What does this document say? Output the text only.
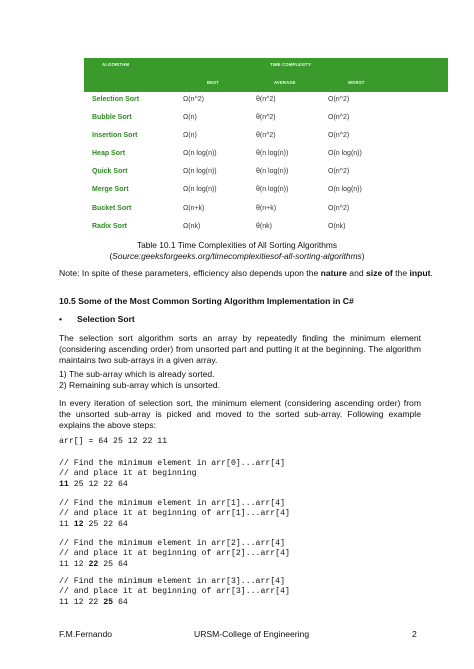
ALGORITHM	TIME COMPLEXITY
BEST	AVERAGE	WORST
Selection Sort	Ω(n^2)	θ(n^2)	O(n^2)
Bubble Sort	Ω(n)	θ(n^2)	O(n^2)
Insertion Sort	Ω(n)	θ(n^2)	O(n^2)
Heap Sort	Ω(n log(n))	θ(n log(n))	O(n log(n))
Quick Sort	Ω(n log(n))	θ(n log(n))	O(n^2)
Merge Sort	Ω(n log(n))	θ(n log(n))	O(n log(n))
Bucket Sort	Ω(n+k)	θ(n+k)	O(n^2)
Radix Sort	Ω(nk)	θ(nk)	O(nk)
Table 10.1 Time Complexities of All Sorting Algorithms
(Source:geeksforgeeks.org/timecomplexitiesof-all-sorting-algorithms)
Note: In spite of these parameters, efficiency also depends upon the nature and size of the input.
10.5 Some of the Most Common Sorting Algorithm Implementation in C#
• Selection Sort
The selection sort algorithm sorts an array by repeatedly finding the minimum element (considering ascending order) from unsorted part and putting it at the beginning. The algorithm maintains two sub-arrays in a given array.
1) The sub-array which is already sorted.
2) Remaining sub-array which is unsorted.
In every iteration of selection sort, the minimum element (considering ascending order) from the unsorted sub-array is picked and moved to the sorted sub-array. Following example explains the above steps:
arr[] = 64 25 12 22 11
// Find the minimum element in arr[0]...arr[4]
// and place it at beginning
11 25 12 22 64
// Find the minimum element in arr[1]...arr[4]
// and place it at beginning of arr[1]...arr[4]
11 12 25 22 64
// Find the minimum element in arr[2]...arr[4]
// and place it at beginning of arr[2]...arr[4]
11 12 22 25 64
// Find the minimum element in arr[3]...arr[4]
// and place it at beginning of arr[3]...arr[4]
11 12 22 25 64
F.M.Fernando	URSM-College of Engineering	2
